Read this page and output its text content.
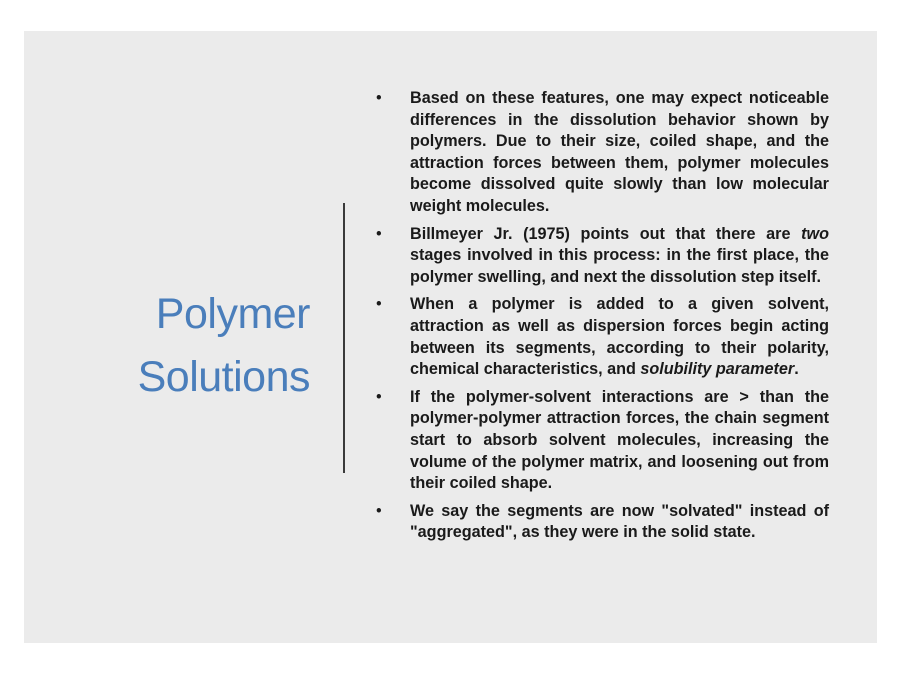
Polymer
Solutions
• Based on these features, one may expect noticeable differences in the dissolution behavior shown by polymers. Due to their size, coiled shape, and the attraction forces between them, polymer molecules become dissolved quite slowly than low molecular weight molecules.
• Billmeyer Jr. (1975) points out that there are two stages involved in this process: in the first place, the polymer swelling, and next the dissolution step itself.
• When a polymer is added to a given solvent, attraction as well as dispersion forces begin acting between its segments, according to their polarity, chemical characteristics, and solubility parameter.
• If the polymer-solvent interactions are > than the polymer-polymer attraction forces, the chain segment start to absorb solvent molecules, increasing the volume of the polymer matrix, and loosening out from their coiled shape.
• We say the segments are now "solvated" instead of "aggregated", as they were in the solid state.
